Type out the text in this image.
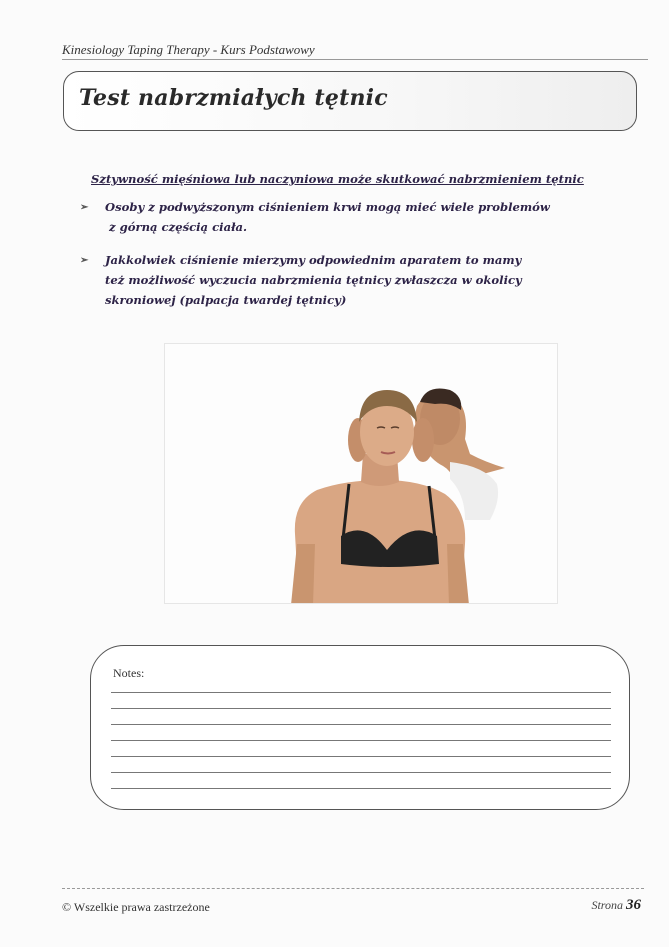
Kinesiology Taping Therapy - Kurs Podstawowy
Test nabrzmiałych tętnic
Sztywność mięśniowa lub naczyniowa może skutkować nabrzmieniem tętnic
➢ Osoby z podwyższonym ciśnieniem krwi mogą mieć wiele problemów
z górną częścią ciała.
➢ Jakkolwiek ciśnienie mierzymy odpowiednim aparatem to mamy
też możliwość wyczucia nabrzmienia tętnicy zwłaszcza w okolicy
skroniowej (palpacja twardej tętnicy)
Notes:
© Wszelkie prawa zastrzeżone	Strona 36
